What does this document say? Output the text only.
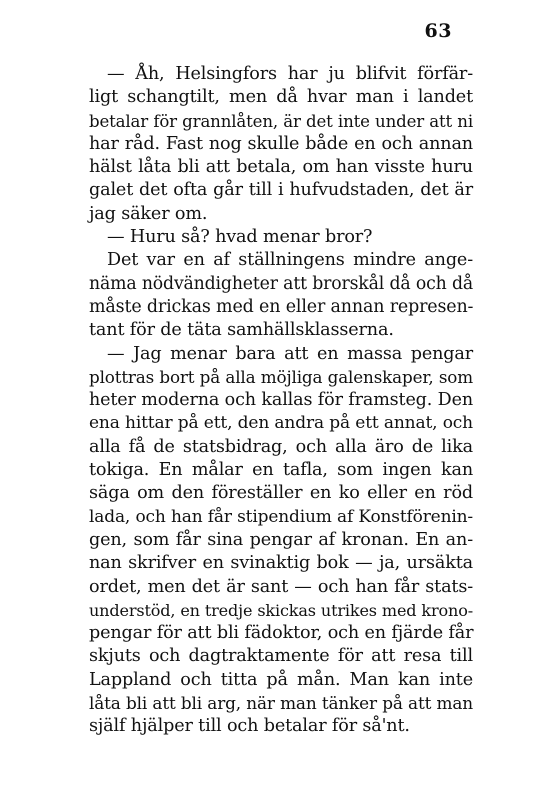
63
— Åh, Helsingfors har ju blifvit förfär-
ligt schangtilt, men då hvar man i landet
betalar för grannlåten, är det inte under att ni
har råd. Fast nog skulle både en och annan
hälst låta bli att betala, om han visste huru
galet det ofta går till i hufvudstaden, det är
jag säker om.
— Huru så? hvad menar bror?
Det var en af ställningens mindre ange-
näma nödvändigheter att brorskål då och då
måste drickas med en eller annan represen-
tant för de täta samhällsklasserna.
— Jag menar bara att en massa pengar
plottras bort på alla möjliga galenskaper, som
heter moderna och kallas för framsteg. Den
ena hittar på ett, den andra på ett annat, och
alla få de statsbidrag, och alla äro de lika
tokiga. En målar en tafla, som ingen kan
säga om den föreställer en ko eller en röd
lada, och han får stipendium af Konstförenin-
gen, som får sina pengar af kronan. En an-
nan skrifver en svinaktig bok — ja, ursäkta
ordet, men det är sant — och han får stats-
understöd, en tredje skickas utrikes med krono-
pengar för att bli fädoktor, och en fjärde får
skjuts och dagtraktamente för att resa till
Lappland och titta på mån. Man kan inte
låta bli att bli arg, när man tänker på att man
själf hjälper till och betalar för så'nt.
